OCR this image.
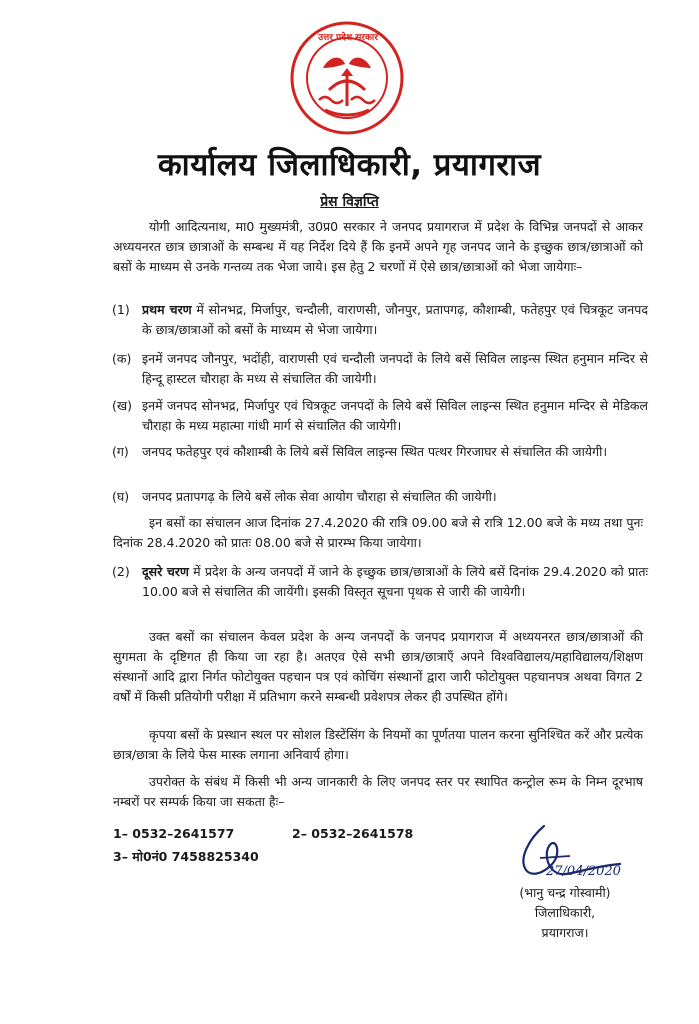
उत्तर प्रदेश सरकार
कार्यालय जिलाधिकारी, प्रयागराज
प्रेस विज्ञप्ति

योगी आदित्यनाथ, मा0 मुख्यमंत्री, उ0प्र0 सरकार ने जनपद प्रयागराज में प्रदेश के विभिन्न जनपदों से आकर अध्ययनरत छात्र छात्राओं के सम्बन्ध में यह निर्देश दिये हैं कि इनमें अपने गृह जनपद जाने के इच्छुक छात्र/छात्राओं को बसों के माध्यम से उनके गन्तव्य तक भेजा जाये। इस हेतु 2 चरणों में ऐसे छात्र/छात्राओं को भेजा जायेगाः–

(1) प्रथम चरण में सोनभद्र, मिर्जापुर, चन्दौली, वाराणसी, जौनपुर, प्रतापगढ़, कौशाम्बी, फतेहपुर एवं चित्रकूट जनपद के छात्र/छात्राओं को बसों के माध्यम से भेजा जायेगा।
(क) इनमें जनपद जौनपुर, भदोंही, वाराणसी एवं चन्दौली जनपदों के लिये बसें सिविल लाइन्स स्थित हनुमान मन्दिर से हिन्दू हास्टल चौराहा के मध्य से संचालित की जायेगी।
(ख) इनमें जनपद सोनभद्र, मिर्जापुर एवं चित्रकूट जनपदों के लिये बसें सिविल लाइन्स स्थित हनुमान मन्दिर से मेडिकल चौराहा के मध्य महात्मा गांधी मार्ग से संचालित की जायेगी।
(ग) जनपद फतेहपुर एवं कौशाम्बी के लिये बसें सिविल लाइन्स स्थित पत्थर गिरजाघर से संचालित की जायेगी।
(घ) जनपद प्रतापगढ़ के लिये बसें लोक सेवा आयोग चौराहा से संचालित की जायेगी।

इन बसों का संचालन आज दिनांक 27.4.2020 की रात्रि 09.00 बजे से रात्रि 12.00 बजे के मध्य तथा पुनः दिनांक 28.4.2020 को प्रातः 08.00 बजे से प्रारम्भ किया जायेगा।

(2) दूसरे चरण में प्रदेश के अन्य जनपदों में जाने के इच्छुक छात्र/छात्राओं के लिये बसें दिनांक 29.4.2020 को प्रातः 10.00 बजे से संचालित की जायेंगी। इसकी विस्तृत सूचना पृथक से जारी की जायेगी।

उक्त बसों का संचालन केवल प्रदेश के अन्य जनपदों के जनपद प्रयागराज में अध्ययनरत छात्र/छात्राओं की सुगमता के दृष्टिगत ही किया जा रहा है। अतएव ऐसे सभी छात्र/छात्राएँ अपने विश्वविद्यालय/महाविद्यालय/शिक्षण संस्थानों आदि द्वारा निर्गत फोटोयुक्त पहचान पत्र एवं कोचिंग संस्थानों द्वारा जारी फोटोयुक्त पहचानपत्र अथवा विगत 2 वर्षों में किसी प्रतियोगी परीक्षा में प्रतिभाग करने सम्बन्धी प्रवेशपत्र लेकर ही उपस्थित होंगे।

कृपया बसों के प्रस्थान स्थल पर सोशल डिस्टेंसिंग के नियमों का पूर्णतया पालन करना सुनिश्चित करें और प्रत्येक छात्र/छात्रा के लिये फेस मास्क लगाना अनिवार्य होगा।

उपरोक्त के संबंध में किसी भी अन्य जानकारी के लिए जनपद स्तर पर स्थापित कन्ट्रोल रूम के निम्न दूरभाष नम्बरों पर सम्पर्क किया जा सकता हैः–

1– 0532–2641577	2– 0532–2641578
3– मो0नं0 7458825340
27/04/2020
(भानु चन्द्र गोस्वामी)
जिलाधिकारी,
प्रयागराज।
